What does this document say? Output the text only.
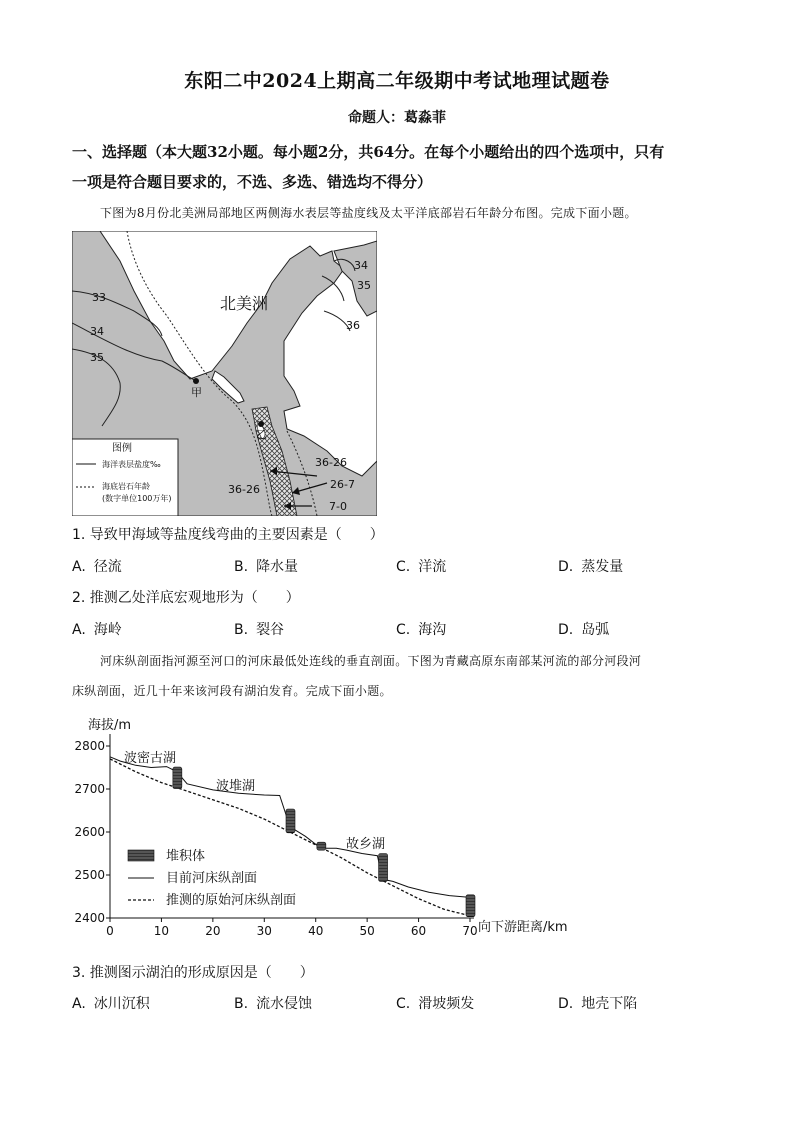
东阳二中2024上期高二年级期中考试地理试题卷
命题人：葛淼菲
一、选择题（本大题32小题。每小题2分，共64分。在每个小题给出的四个选项中，只有
一项是符合题目要求的，不选、多选、错选均不得分）
下图为8月份北美洲局部地区两侧海水表层等盐度线及太平洋底部岩石年龄分布图。完成下面小题。
北美洲
33
34
35
34
35
36
甲
乙
36-26
36-26	26-7
7-0
图例
海洋表层盐度‰
海底岩石年龄
(数字单位100万年)
1. 导致甲海域等盐度线弯曲的主要因素是（　　）
A. 径流	B. 降水量	C. 洋流	D. 蒸发量
2. 推测乙处洋底宏观地形为（　　）
A. 海岭	B. 裂谷	C. 海沟	D. 岛弧
河床纵剖面指河源至河口的河床最低处连线的垂直剖面。下图为青藏高原东南部某河流的部分河段河
床纵剖面，近几十年来该河段有湖泊发育。完成下面小题。
海拔/m
向下游距离/km
2400
2500
2600
2700
2800
0	10	20	30	40	50	60	70
波密古湖
波堆湖
故乡湖
堆积体
目前河床纵剖面
推测的原始河床纵剖面
3. 推测图示湖泊的形成原因是（　　）
A. 冰川沉积	B. 流水侵蚀	C. 滑坡频发	D. 地壳下陷
